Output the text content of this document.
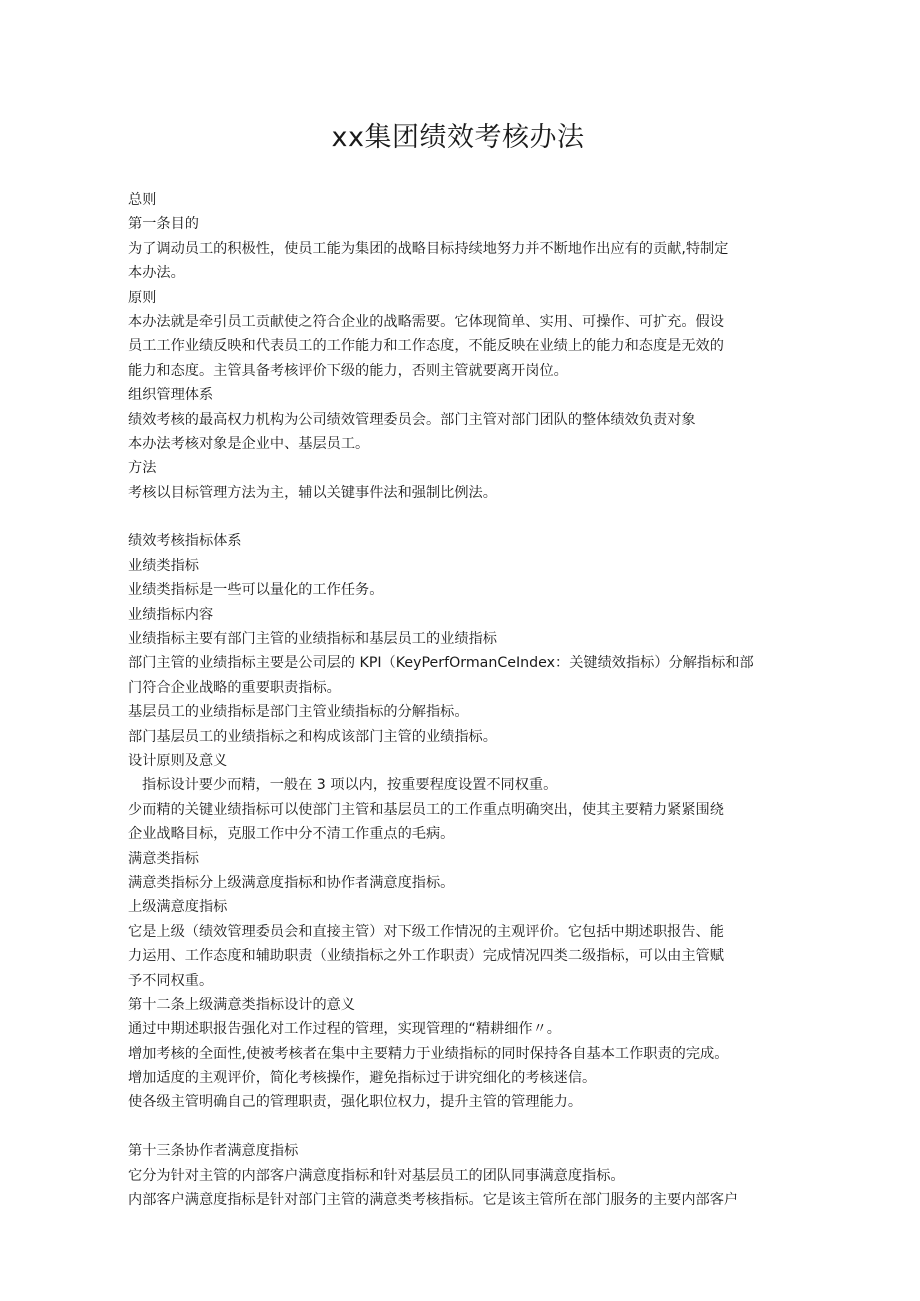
xx集团绩效考核办法
总则
第一条目的
为了调动员工的积极性，使员工能为集团的战略目标持续地努力并不断地作出应有的贡献,特制定
本办法。
原则
本办法就是牵引员工贡献使之符合企业的战略需要。它体现简单、实用、可操作、可扩充。假设
员工工作业绩反映和代表员工的工作能力和工作态度，不能反映在业绩上的能力和态度是无效的
能力和态度。主管具备考核评价下级的能力，否则主管就要离开岗位。
组织管理体系
绩效考核的最高权力机构为公司绩效管理委员会。部门主管对部门团队的整体绩效负责对象
本办法考核对象是企业中、基层员工。
方法
考核以目标管理方法为主，辅以关键事件法和强制比例法。
绩效考核指标体系
业绩类指标
业绩类指标是一些可以量化的工作任务。
业绩指标内容
业绩指标主要有部门主管的业绩指标和基层员工的业绩指标
部门主管的业绩指标主要是公司层的 KPI（KeyPerfOrmanCeIndex：关键绩效指标）分解指标和部
门符合企业战略的重要职责指标。
基层员工的业绩指标是部门主管业绩指标的分解指标。
部门基层员工的业绩指标之和构成该部门主管的业绩指标。
设计原则及意义
指标设计要少而精，一般在 3 项以内，按重要程度设置不同权重。
少而精的关键业绩指标可以使部门主管和基层员工的工作重点明确突出，使其主要精力紧紧围绕
企业战略目标，克服工作中分不清工作重点的毛病。
满意类指标
满意类指标分上级满意度指标和协作者满意度指标。
上级满意度指标
它是上级（绩效管理委员会和直接主管）对下级工作情况的主观评价。它包括中期述职报告、能
力运用、工作态度和辅助职责（业绩指标之外工作职责）完成情况四类二级指标，可以由主管赋
予不同权重。
第十二条上级满意类指标设计的意义
通过中期述职报告强化对工作过程的管理，实现管理的“精耕细作〃。
增加考核的全面性,使被考核者在集中主要精力于业绩指标的同时保持各自基本工作职责的完成。
增加适度的主观评价，简化考核操作，避免指标过于讲究细化的考核迷信。
使各级主管明确自己的管理职责，强化职位权力，提升主管的管理能力。
第十三条协作者满意度指标
它分为针对主管的内部客户满意度指标和针对基层员工的团队同事满意度指标。
内部客户满意度指标是针对部门主管的满意类考核指标。它是该主管所在部门服务的主要内部客户
